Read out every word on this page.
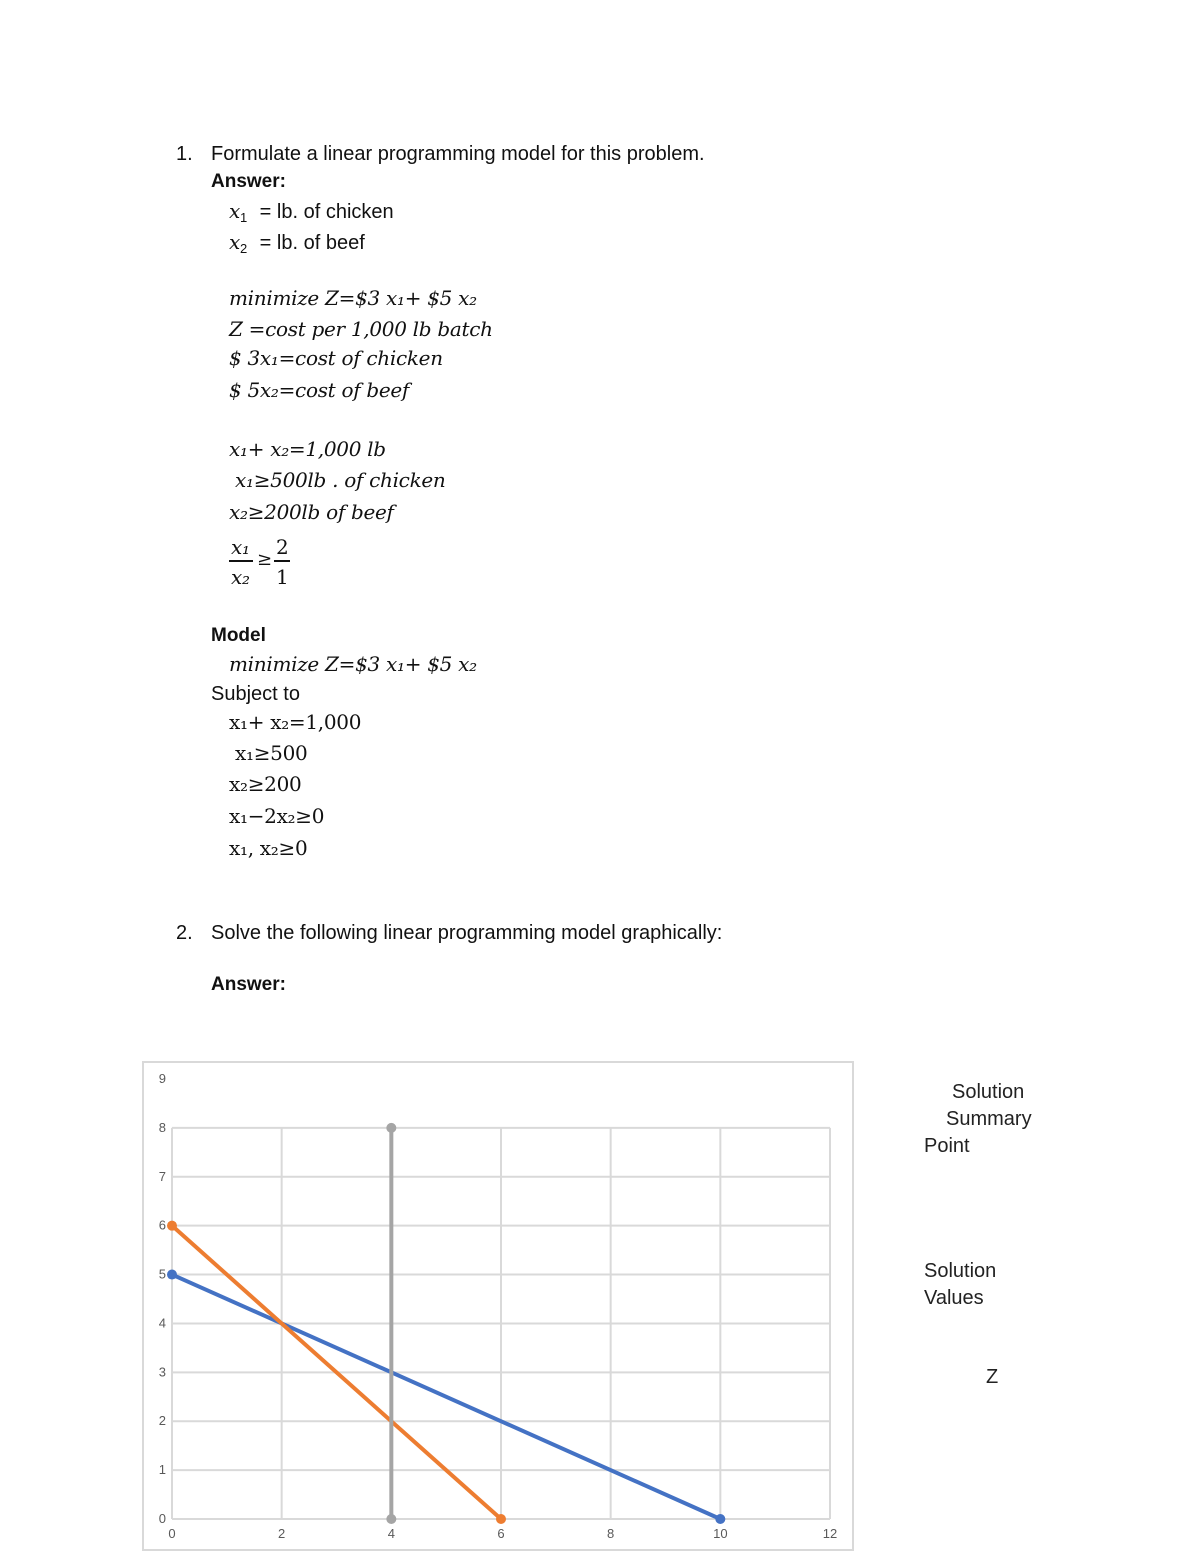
1. Formulate a linear programming model for this problem.
Answer:
$x_1$ = lb. of chicken
$x_2$ = lb. of beef
minimize Z=$3 x₁+ $5 x₂
Z =cost per 1,000 lb batch
$ 3x₁=cost of chicken
$ 5x₂=cost of beef
x₁+ x₂=1,000 lb
x₁≥500lb . of chicken
x₂≥200lb of beef
x₁
x₂
≥
2
1
Model
minimize Z=$3 x₁+ $5 x₂
Subject to
x₁+ x₂=1,000
x₁≥500
x₂≥200
x₁−2x₂≥0
x₁, x₂≥0
2. Solve the following linear programming model graphically:
Answer:
0	2	4	6	8	10	12
0
1
2
3
4
5
6
7
8
9
Solution
Summary
Point
Solution
Values
Z
